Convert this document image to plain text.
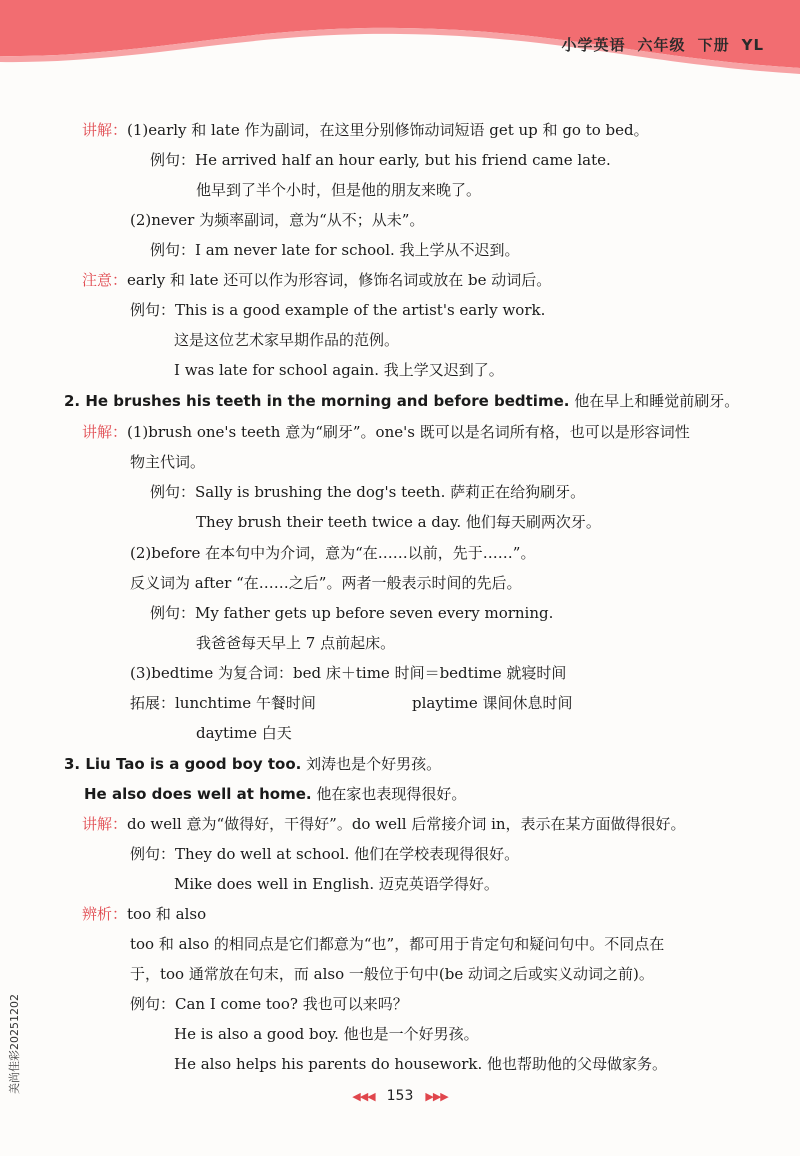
小学英语 六年级 下册 YL
讲解：(1)early 和 late 作为副词，在这里分别修饰动词短语 get up 和 go to bed。
例句：He arrived half an hour early, but his friend came late.
他早到了半个小时，但是他的朋友来晚了。
(2)never 为频率副词，意为“从不；从未”。
例句：I am never late for school. 我上学从不迟到。
注意：early 和 late 还可以作为形容词，修饰名词或放在 be 动词后。
例句：This is a good example of the artist's early work.
这是这位艺术家早期作品的范例。
I was late for school again. 我上学又迟到了。
2. He brushes his teeth in the morning and before bedtime. 他在早上和睡觉前刷牙。
讲解：(1)brush one's teeth 意为“刷牙”。one's 既可以是名词所有格，也可以是形容词性
物主代词。
例句：Sally is brushing the dog's teeth. 萨莉正在给狗刷牙。
They brush their teeth twice a day. 他们每天刷两次牙。
(2)before 在本句中为介词，意为“在……以前，先于……”。
反义词为 after “在……之后”。两者一般表示时间的先后。
例句：My father gets up before seven every morning.
我爸爸每天早上 7 点前起床。
(3)bedtime 为复合词：bed 床＋time 时间＝bedtime 就寝时间
拓展：lunchtime 午餐时间	playtime 课间休息时间
daytime 白天
3. Liu Tao is a good boy too. 刘涛也是个好男孩。
He also does well at home. 他在家也表现得很好。
讲解：do well 意为“做得好，干得好”。do well 后常接介词 in，表示在某方面做得很好。
例句：They do well at school. 他们在学校表现得很好。
Mike does well in English. 迈克英语学得好。
辨析：too 和 also
too 和 also 的相同点是它们都意为“也”，都可用于肯定句和疑问句中。不同点在
于，too 通常放在句末，而 also 一般位于句中(be 动词之后或实义动词之前)。
例句：Can I come too? 我也可以来吗？
He is also a good boy. 他也是一个好男孩。
He also helps his parents do housework. 他也帮助他的父母做家务。
美尚佳彩20251202
◀◀◀ 153 ▶▶▶
